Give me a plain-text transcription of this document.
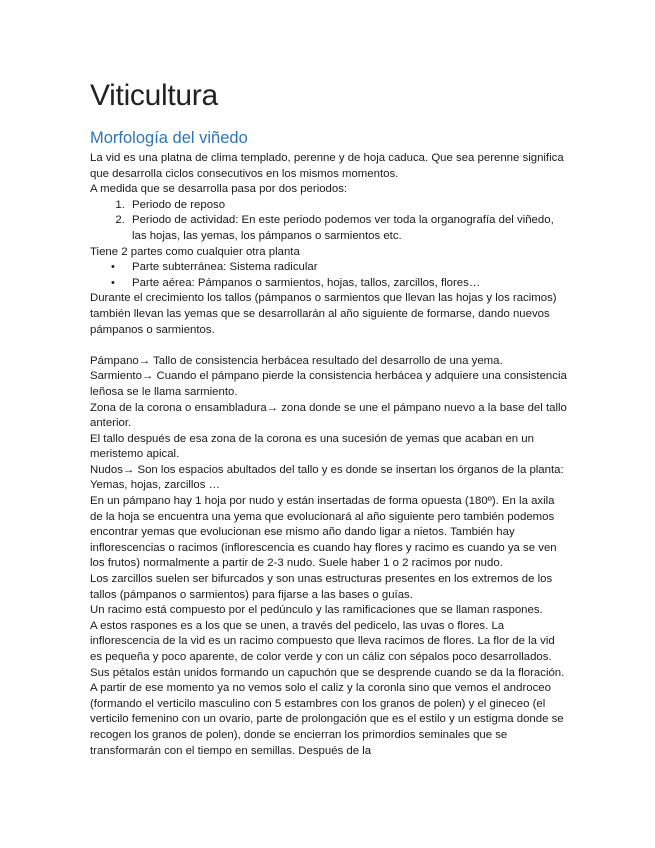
Viticultura
Morfología del viñedo

La vid es una platna de clima templado, perenne y de hoja caduca. Que sea perenne significa que desarrolla ciclos consecutivos en los mismos momentos.

A medida que se desarrolla pasa por dos periodos:

1. Periodo de reposo
2. Periodo de actividad: En este periodo podemos ver toda la organografía del viñedo, las hojas, las yemas, los pámpanos o sarmientos etc.

Tiene 2 partes como cualquier otra planta

• Parte subterránea: Sistema radicular
• Parte aérea: Pámpanos o sarmientos, hojas, tallos, zarcillos, flores…

Durante el crecimiento los tallos (pámpanos o sarmientos que llevan las hojas y los racimos) también llevan las yemas que se desarrollarán al año siguiente de formarse, dando nuevos pámpanos o sarmientos.

Pámpano→ Tallo de consistencia herbácea resultado del desarrollo de una yema.

Sarmiento→ Cuando el pámpano pierde la consistencia herbácea y adquiere una consistencia leñosa se le llama sarmiento.

Zona de la corona o ensambladura→ zona donde se une el pámpano nuevo a la base del tallo anterior.

El tallo después de esa zona de la corona es una sucesión de yemas que acaban en un meristemo apical.

Nudos→ Son los espacios abultados del tallo y es donde se insertan los órganos de la planta: Yemas, hojas, zarcillos …

En un pámpano hay 1 hoja por nudo y están insertadas de forma opuesta (180º). En la axila de la hoja se encuentra una yema que evolucionará al año siguiente pero también podemos encontrar yemas que evolucionan ese mismo año dando ligar a nietos. También hay inflorescencias o racimos (inflorescencia es cuando hay flores y racimo es cuando ya se ven los frutos) normalmente a partir de 2-3 nudo. Suele haber 1 o 2 racimos por nudo.

Los zarcillos suelen ser bifurcados y son unas estructuras presentes en los extremos de los tallos (pámpanos o sarmientos) para fijarse a las bases o guías.

Un racimo está compuesto por el pedúnculo y las ramificaciones que se llaman raspones.

A estos raspones es a los que se unen, a través del pedicelo, las uvas o flores. La inflorescencia de la vid es un racimo compuesto que lleva racimos de flores. La flor de la vid es pequeña y poco aparente, de color verde y con un cáliz con sépalos poco desarrollados. Sus pétalos están unidos formando un capuchón que se desprende cuando se da la floración. A partir de ese momento ya no vemos solo el caliz y la coronla sino que vemos el androceo (formando el verticilo masculino con 5 estambres con los granos de polen) y el gineceo (el verticilo femenino con un ovario, parte de prolongación que es el estilo y un estigma donde se recogen los granos de polen), donde se encierran los primordios seminales que se transformarán con el tiempo en semillas. Después de la
